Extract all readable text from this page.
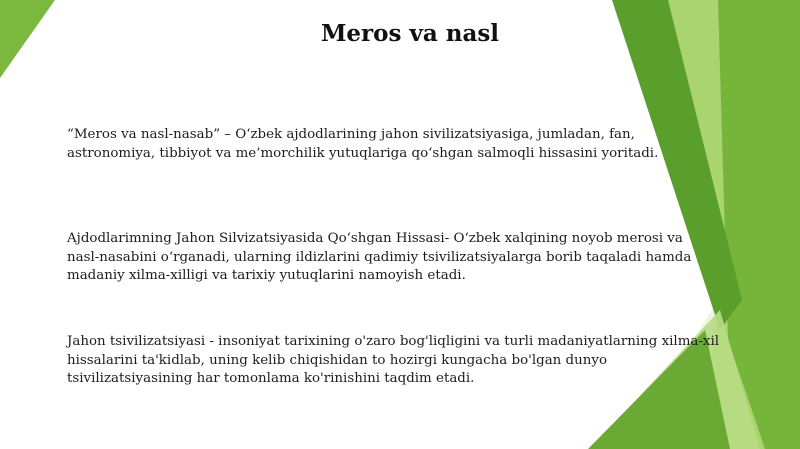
Meros va nasl

“Meros va nasl-nasab” – O‘zbek ajdodlarining jahon sivilizatsiyasiga, jumladan, fan,
astronomiya, tibbiyot va me’morchilik yutuqlariga qo‘shgan salmoqli hissasini yoritadi.

Ajdodlarimning Jahon Silvizatsiyasida Qo‘shgan Hissasi- O‘zbek xalqining noyob merosi va
nasl-nasabini o‘rganadi, ularning ildizlarini qadimiy tsivilizatsiyalarga borib taqaladi hamda
madaniy xilma-xilligi va tarixiy yutuqlarini namoyish etadi.

Jahon tsivilizatsiyasi - insoniyat tarixining o'zaro bog'liqligini va turli madaniyatlarning xilma-xil
hissalarini ta'kidlab, uning kelib chiqishidan to hozirgi kungacha bo'lgan dunyo
tsivilizatsiyasining har tomonlama ko'rinishini taqdim etadi.
